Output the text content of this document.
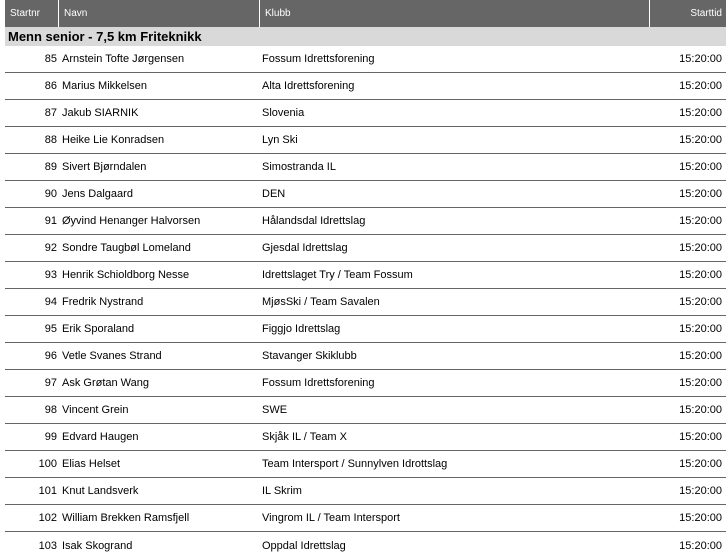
Startnr	Navn	Klubb	Starttid
Menn senior - 7,5 km Friteknikk
85 Arnstein Tofte Jørgensen	Fossum Idrettsforening	15:20:00
86 Marius Mikkelsen	Alta Idrettsforening	15:20:00
87 Jakub SIARNIK	Slovenia	15:20:00
88 Heike Lie Konradsen	Lyn Ski	15:20:00
89 Sivert Bjørndalen	Simostranda IL	15:20:00
90 Jens Dalgaard	DEN	15:20:00
91 Øyvind Henanger Halvorsen	Hålandsdal Idrettslag	15:20:00
92 Sondre Taugbøl Lomeland	Gjesdal Idrettslag	15:20:00
93 Henrik Schioldborg Nesse	Idrettslaget Try / Team Fossum	15:20:00
94 Fredrik Nystrand	MjøsSki / Team Savalen	15:20:00
95 Erik Sporaland	Figgjo Idrettslag	15:20:00
96 Vetle Svanes Strand	Stavanger Skiklubb	15:20:00
97 Ask Grøtan Wang	Fossum Idrettsforening	15:20:00
98 Vincent Grein	SWE	15:20:00
99 Edvard Haugen	Skjåk IL / Team X	15:20:00
100 Elias Helset	Team Intersport / Sunnylven Idrottslag	15:20:00
101 Knut Landsverk	IL Skrim	15:20:00
102 William Brekken Ramsfjell	Vingrom IL / Team Intersport	15:20:00
103 Isak Skogrand	Oppdal Idrettslag	15:20:00
